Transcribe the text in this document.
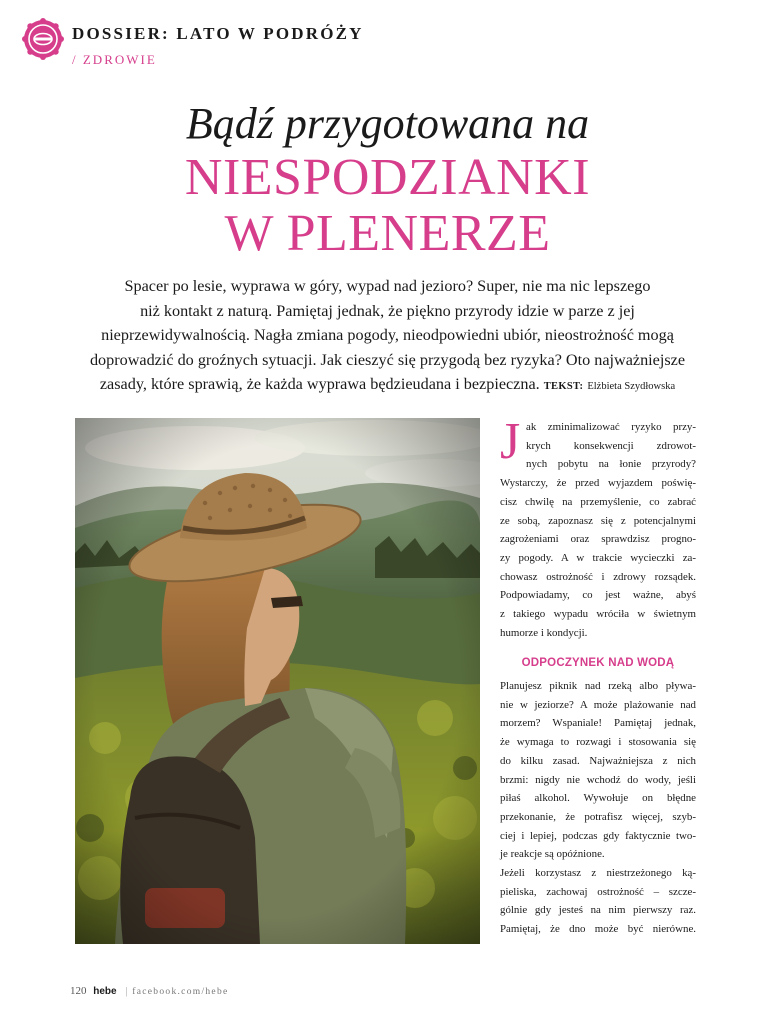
DOSSIER: LATO W PODRÓŻY
/ ZDROWIE
Bądź przygotowana na
NIESPODZIANKI
W PLENERZE
Spacer po lesie, wyprawa w góry, wypad nad jezioro? Super, nie ma nic lepszego
niż kontakt z naturą. Pamiętaj jednak, że piękno przyrody idzie w parze z jej
nieprzewidywalnością. Nagła zmiana pogody, nieodpowiedni ubiór, nieostrożność mogą
doprowadzić do groźnych sytuacji. Jak cieszyć się przygodą bez ryzyka? Oto najważniejsze
zasady, które sprawią, że każda wyprawa będzieudana i bezpieczna. TEKST: Elżbieta Szydłowska
J ak zminimalizować ryzyko przy-
krych konsekwencji zdrowot-
nych pobytu na łonie przyrody?
Wystarczy, że przed wyjazdem poświę-
cisz chwilę na przemyślenie, co zabrać
ze sobą, zapoznasz się z potencjalnymi
zagrożeniami oraz sprawdzisz progno-
zy pogody. A w trakcie wycieczki za-
chowasz ostrożność i zdrowy rozsądek.
Podpowiadamy, co jest ważne, abyś
z takiego wypadu wróciła w świetnym
humorze i kondycji.
ODPOCZYNEK NAD WODĄ
Planujesz piknik nad rzeką albo pływa-
nie w jeziorze? A może plażowanie nad
morzem? Wspaniale! Pamiętaj jednak,
że wymaga to rozwagi i stosowania się
do kilku zasad. Najważniejsza z nich
brzmi: nigdy nie wchodź do wody, jeśli
piłaś alkohol. Wywołuje on błędne
przekonanie, że potrafisz więcej, szyb-
ciej i lepiej, podczas gdy faktycznie two-
je reakcje są opóźnione.
Jeżeli korzystasz z niestrzeżonego ką-
pieliska, zachowaj ostrożność – szcze-
gólnie gdy jesteś na nim pierwszy raz.
Pamiętaj, że dno może być nierówne.
120 hebe | facebook.com/hebe
